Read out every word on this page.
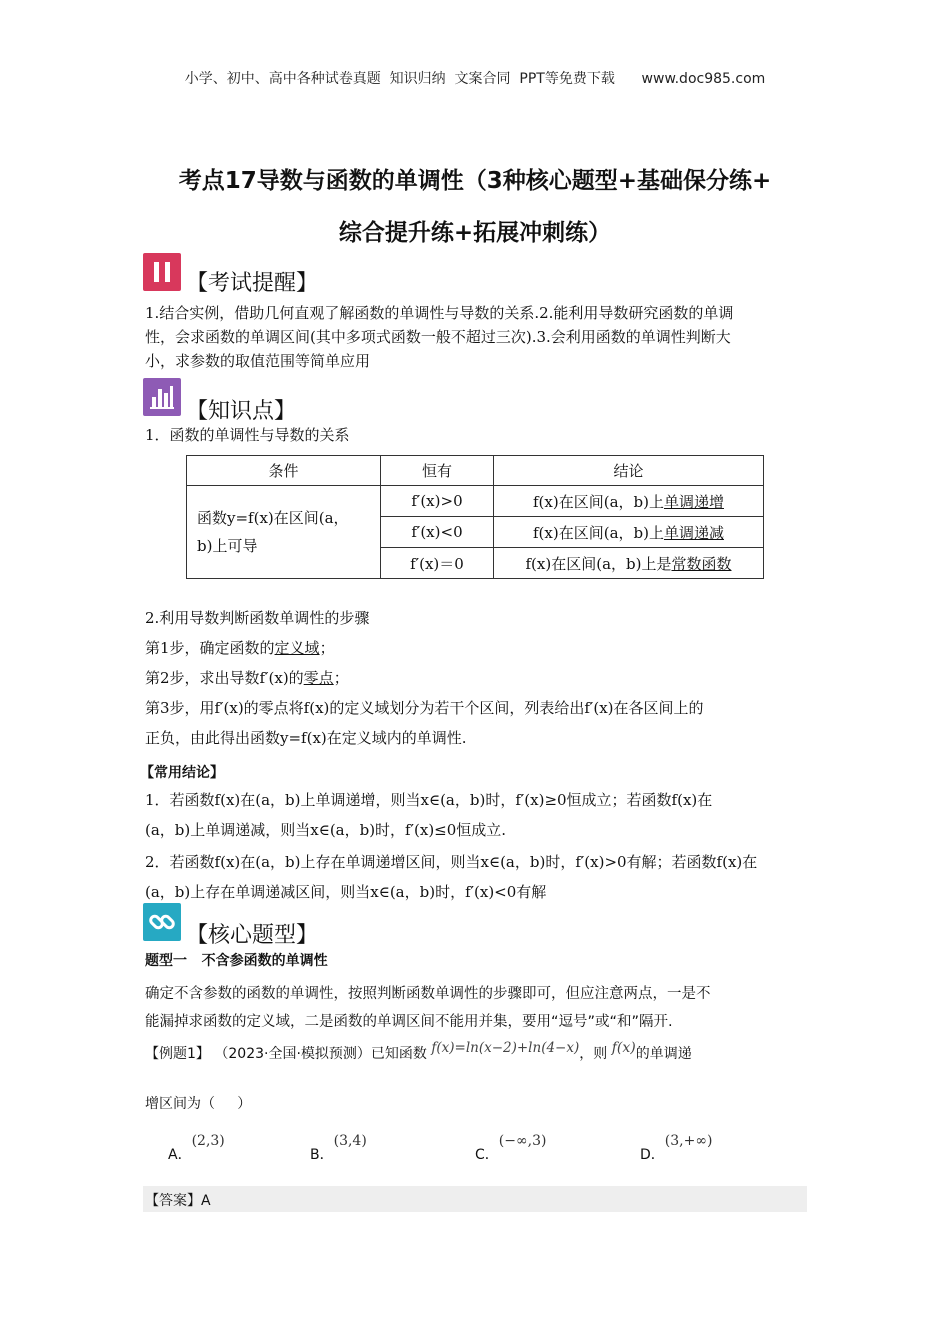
小学、初中、高中各种试卷真题  知识归纳  文案合同  PPT等免费下载      www.doc985.com
考点17导数与函数的单调性（3种核心题型+基础保分练+
综合提升练+拓展冲刺练）
【考试提醒】
1.结合实例，借助几何直观了解函数的单调性与导数的关系.2.能利用导数研究函数的单调
性，会求函数的单调区间(其中多项式函数一般不超过三次).3.会利用函数的单调性判断大
小，求参数的取值范围等简单应用
【知识点】
1．函数的单调性与导数的关系
条件	恒有	结论

函数y=f(x)在区间(a，
b)上可导	f′(x)>0	f(x)在区间(a，b)上单调递增
	f′(x)<0	f(x)在区间(a，b)上单调递减
	f′(x)＝0	f(x)在区间(a，b)上是常数函数
2.利用导数判断函数单调性的步骤
第1步，确定函数的定义域；
第2步，求出导数f′(x)的零点；
第3步，用f′(x)的零点将f(x)的定义域划分为若干个区间，列表给出f′(x)在各区间上的
正负，由此得出函数y=f(x)在定义域内的单调性.
【常用结论】
1．若函数f(x)在(a，b)上单调递增，则当x∈(a，b)时，f′(x)≥0恒成立；若函数f(x)在
(a，b)上单调递减，则当x∈(a，b)时，f′(x)≤0恒成立.
2．若函数f(x)在(a，b)上存在单调递增区间，则当x∈(a，b)时，f′(x)>0有解；若函数f(x)在
(a，b)上存在单调递减区间，则当x∈(a，b)时，f′(x)<0有解
【核心题型】
题型一   不含参函数的单调性
确定不含参数的函数的单调性，按照判断函数单调性的步骤即可，但应注意两点，一是不
能漏掉求函数的定义域，二是函数的单调区间不能用并集，要用“逗号”或“和”隔开.
【例题1】 （2023·全国·模拟预测）已知函数 f(x)=ln(x−2)+ln(4−x)，则 f(x)的单调递
增区间为（     ）
A．(2,3)
B．(3,4)
C．(−∞,3)
D．(3,+∞)
【答案】A
